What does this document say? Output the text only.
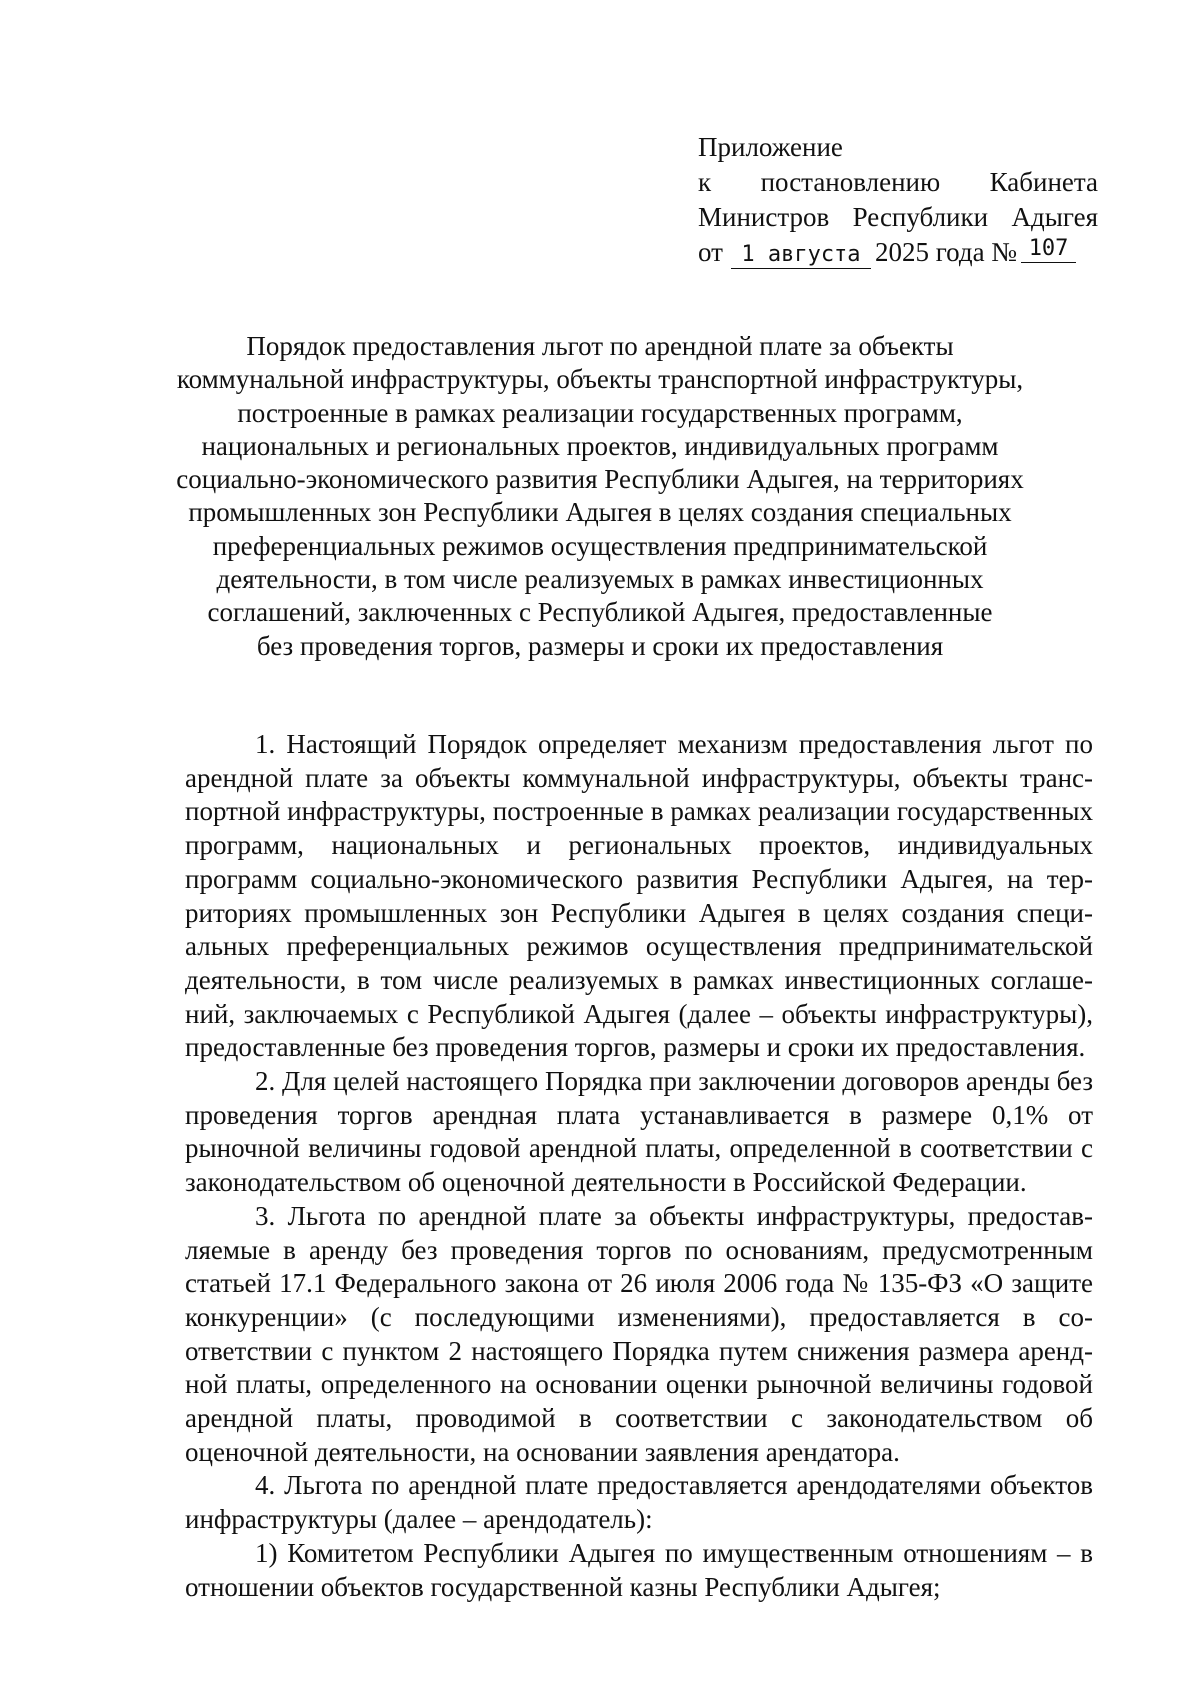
Приложение
к постановлению Кабинета
Министров Республики Адыгея
от 1 августа 2025 года № 107
Порядок предоставления льгот по арендной плате за объекты
коммунальной инфраструктуры, объекты транспортной инфраструктуры,
построенные в рамках реализации государственных программ,
национальных и региональных проектов, индивидуальных программ
социально-экономического развития Республики Адыгея, на территориях
промышленных зон Республики Адыгея в целях создания специальных
преференциальных режимов осуществления предпринимательской
деятельности, в том числе реализуемых в рамках инвестиционных
соглашений, заключенных с Республикой Адыгея, предоставленные
без проведения торгов, размеры и сроки их предоставления

1. Настоящий Порядок определяет механизм предоставления льгот по арендной плате за объекты коммунальной инфраструктуры, объекты транспортной инфраструктуры, построенные в рамках реализации государственных программ, национальных и региональных проектов, индивидуальных программ социально-экономического развития Республики Адыгея, на территориях промышленных зон Республики Адыгея в целях создания специальных преференциальных режимов осуществления предпринимательской деятельности, в том числе реализуемых в рамках инвестиционных соглашений, заключаемых с Республикой Адыгея (далее – объекты инфраструктуры), предоставленные без проведения торгов, размеры и сроки их предоставления.

2. Для целей настоящего Порядка при заключении договоров аренды без проведения торгов арендная плата устанавливается в размере 0,1% от рыночной величины годовой арендной платы, определенной в соответствии с законодательством об оценочной деятельности в Российской Федерации.

3. Льгота по арендной плате за объекты инфраструктуры, предоставляемые в аренду без проведения торгов по основаниям, предусмотренным статьей 17.1 Федерального закона от 26 июля 2006 года № 135-ФЗ «О защите конкуренции» (с последующими изменениями), предоставляется в соответствии с пунктом 2 настоящего Порядка путем снижения размера арендной платы, определенного на основании оценки рыночной величины годовой арендной платы, проводимой в соответствии с законодательством об оценочной деятельности, на основании заявления арендатора.

4. Льгота по арендной плате предоставляется арендодателями объектов инфраструктуры (далее – арендодатель):

1) Комитетом Республики Адыгея по имущественным отношениям – в отношении объектов государственной казны Республики Адыгея;
